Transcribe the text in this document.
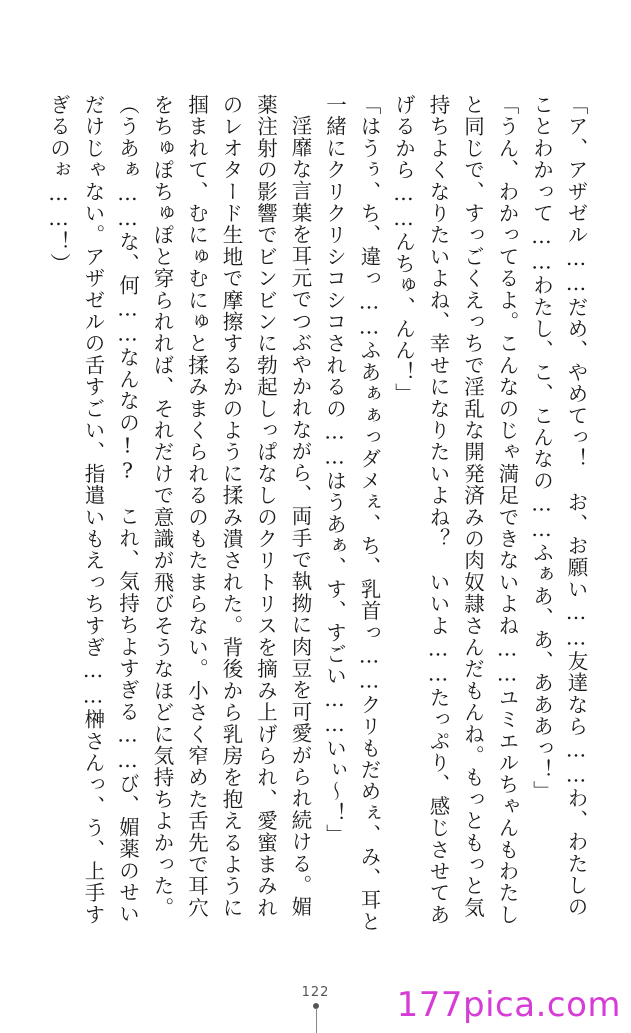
「ア、アザゼル……だめ、やめてっ！　お、お願い……友達なら……わ、わたしのことわかって……わたし、こ、こんなの……ふぁあ、あ、あああっ！」

「うん、わかってるよ。こんなのじゃ満足できないよね……ユミエルちゃんもわたしと同じで、すっごくえっちで淫乱な開発済みの肉奴隷さんだもんね。もっともっと気持ちよくなりたいよね、幸せになりたいよね？　いいよ……たっぷり、感じさせてあげるから……んちゅ、んん！」

「はうぅ、ち、違っ……ふあぁぁっダメぇ、ち、乳首っ……クリもだめぇ、み、耳と一緒にクリクリシコシコされるの……はうあぁ、す、すごい……いぃ～！」

淫靡な言葉を耳元でつぶやかれながら、両手で執拗に肉豆を可愛がられ続ける。媚薬注射の影響でビンビンに勃起しっぱなしのクリトリスを摘み上げられ、愛蜜まみれのレオタード生地で摩擦するかのように揉み潰された。背後から乳房を抱えるように掴まれて、むにゅむにゅと揉みまくられるのもたまらない。小さく窄めた舌先で耳穴をちゅぽちゅぽと穿られれば、それだけで意識が飛びそうなほどに気持ちよかった。

（うあぁ……な、何……なんなの!?　これ、気持ちよすぎる……び、媚薬のせいだけじゃない。アザゼルの舌すごい、指遣いもえっちすぎ……榊さんっ、う、上手すぎるのぉ……！）

122	177pica.com
